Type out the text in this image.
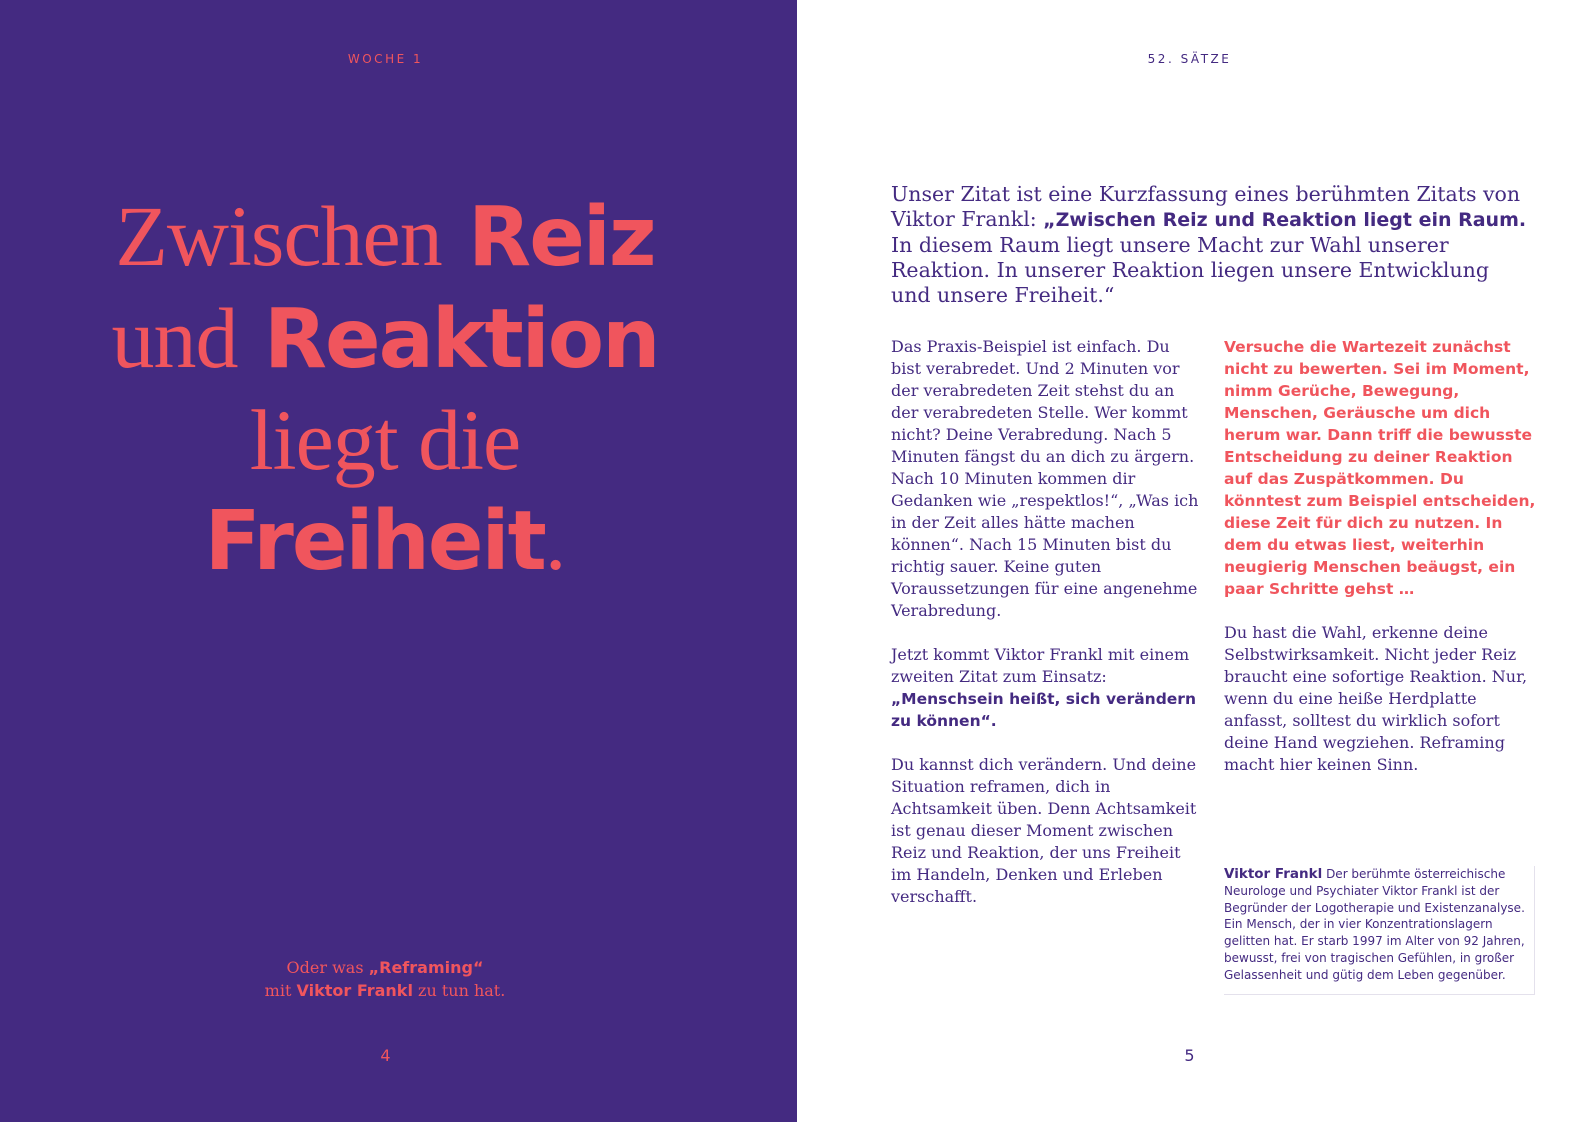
WOCHE 1
Zwischen Reiz
und Reaktion
liegt die
Freiheit.
Oder was „Reframing“
mit Viktor Frankl zu tun hat.
4
52. SÄTZE
Unser Zitat ist eine Kurzfassung eines berühmten Zitats von Viktor Frankl: „Zwischen Reiz und Reaktion liegt ein Raum. In diesem Raum liegt unsere Macht zur Wahl unserer Reaktion. In unserer Reaktion liegen unsere Entwicklung und unsere Freiheit.“

Das Praxis-Beispiel ist einfach. Du bist verabredet. Und 2 Minuten vor der verabredeten Zeit stehst du an der verabredeten Stelle. Wer kommt nicht? Deine Verabredung. Nach 5 Minuten fängst du an dich zu ärgern. Nach 10 Minuten kommen dir Gedanken wie „respektlos!“, „Was ich in der Zeit alles hätte machen können“. Nach 15 Minuten bist du richtig sauer. Keine guten Voraussetzungen für eine angenehme Verabredung.

Jetzt kommt Viktor Frankl mit einem zweiten Zitat zum Einsatz: „Menschsein heißt, sich verändern zu können“.

Du kannst dich verändern. Und deine Situation reframen, dich in Achtsamkeit üben. Denn Achtsamkeit ist genau dieser Moment zwischen Reiz und Reaktion, der uns Freiheit im Handeln, Denken und Erleben verschafft.

Versuche die Wartezeit zunächst nicht zu bewerten. Sei im Moment, nimm Gerüche, Bewegung, Menschen, Geräusche um dich herum war. Dann triff die bewusste Entscheidung zu deiner Reaktion auf das Zuspätkommen. Du könntest zum Beispiel entscheiden, diese Zeit für dich zu nutzen. In dem du etwas liest, weiterhin neugierig Menschen beäugst, ein paar Schritte gehst …

Du hast die Wahl, erkenne deine Selbstwirksamkeit. Nicht jeder Reiz braucht eine sofortige Reaktion. Nur, wenn du eine heiße Herdplatte anfasst, solltest du wirklich sofort deine Hand wegziehen. Reframing macht hier keinen Sinn.

Viktor Frankl Der berühmte österreichische Neurologe und Psychiater Viktor Frankl ist der Begründer der Logotherapie und Existenzanalyse. Ein Mensch, der in vier Konzentrationslagern gelitten hat. Er starb 1997 im Alter von 92 Jahren, bewusst, frei von tragischen Gefühlen, in großer Gelassenheit und gütig dem Leben gegenüber.
5
